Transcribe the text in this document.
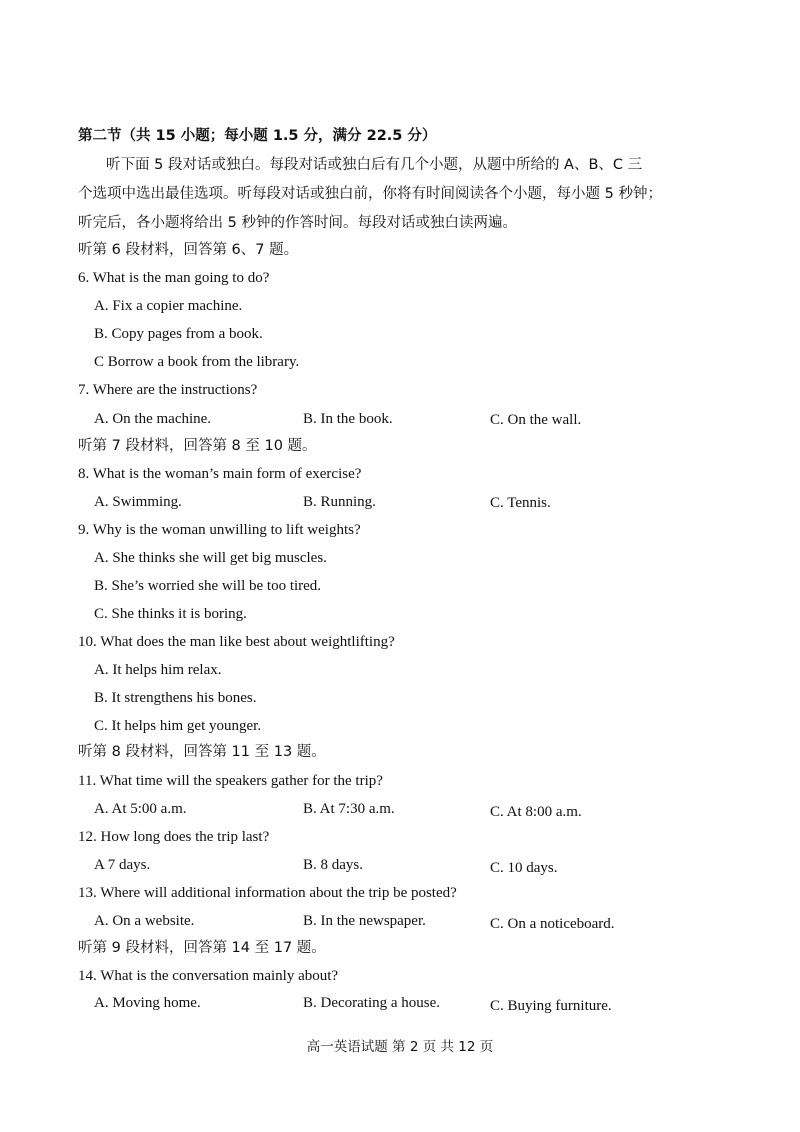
第二节（共 15 小题；每小题 1.5 分，满分 22.5 分）
听下面 5 段对话或独白。每段对话或独白后有几个小题，从题中所给的 A、B、C 三
个选项中选出最佳选项。听每段对话或独白前，你将有时间阅读各个小题，每小题 5 秒钟；
听完后，各小题将给出 5 秒钟的作答时间。每段对话或独白读两遍。
听第 6 段材料，回答第 6、7 题。
6. What is the man going to do?
A. Fix a copier machine.
B. Copy pages from a book.
C Borrow a book from the library.
7. Where are the instructions?
A. On the machine.	B. In the book.	C. On the wall.
听第 7 段材料，回答第 8 至 10 题。
8. What is the woman’s main form of exercise?
A. Swimming.	B. Running.	C. Tennis.
9. Why is the woman unwilling to lift weights?
A. She thinks she will get big muscles.
B. She’s worried she will be too tired.
C. She thinks it is boring.
10. What does the man like best about weightlifting?
A. It helps him relax.
B. It strengthens his bones.
C. It helps him get younger.
听第 8 段材料，回答第 11 至 13 题。
11. What time will the speakers gather for the trip?
A. At 5:00 a.m.	B. At 7:30 a.m.	C. At 8:00 a.m.
12. How long does the trip last?
A 7 days.	B. 8 days.	C. 10 days.
13. Where will additional information about the trip be posted?
A. On a website.	B. In the newspaper.	C. On a noticeboard.
听第 9 段材料，回答第 14 至 17 题。
14. What is the conversation mainly about?
A. Moving home.	B. Decorating a house.	C. Buying furniture.
高一英语试题 第 2 页 共 12 页
